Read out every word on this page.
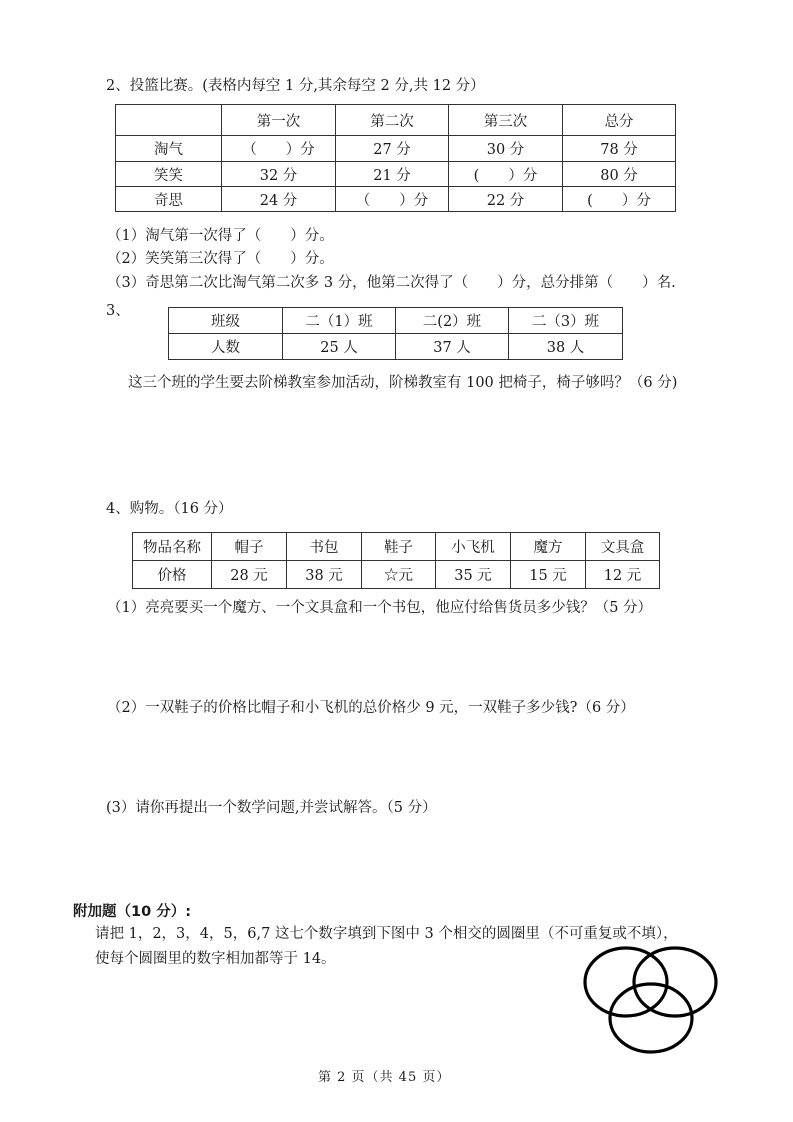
2、投篮比赛。(表格内每空 1 分,其余每空 2 分,共 12 分）
	第一次	第二次	第三次	总分
淘气	（　　）分	27 分	30 分	78 分
笑笑	32 分	21 分	(　　）分	80 分
奇思	24 分	（　　）分	22 分	(　　）分
（1）淘气第一次得了（　　）分。
（2）笑笑第三次得了（　　）分。
（3）奇思第二次比淘气第二次多 3 分，他第二次得了（　　）分，总分排第（　　）名.
3、
班级	二（1）班	二(2）班	二（3）班
人数	25 人	37 人	38 人
这三个班的学生要去阶梯教室参加活动，阶梯教室有 100 把椅子，椅子够吗？（6 分)
4、购物。（16 分）
物品名称	帽子	书包	鞋子	小飞机	魔方	文具盒
价格	28 元	38 元	☆元	35 元	15 元	12 元
（1）亮亮要买一个魔方、一个文具盒和一个书包，他应付给售货员多少钱？（5 分）
（2）一双鞋子的价格比帽子和小飞机的总价格少 9 元，一双鞋子多少钱?（6 分）
(3）请你再提出一个数学问题,并尝试解答。（5 分）
附加题（10 分）:
请把 1，2，3，4，5，6,7 这七个数字填到下图中 3 个相交的圆圈里（不可重复或不填），
使每个圆圈里的数字相加都等于 14。
第 2 页（共 45 页）
